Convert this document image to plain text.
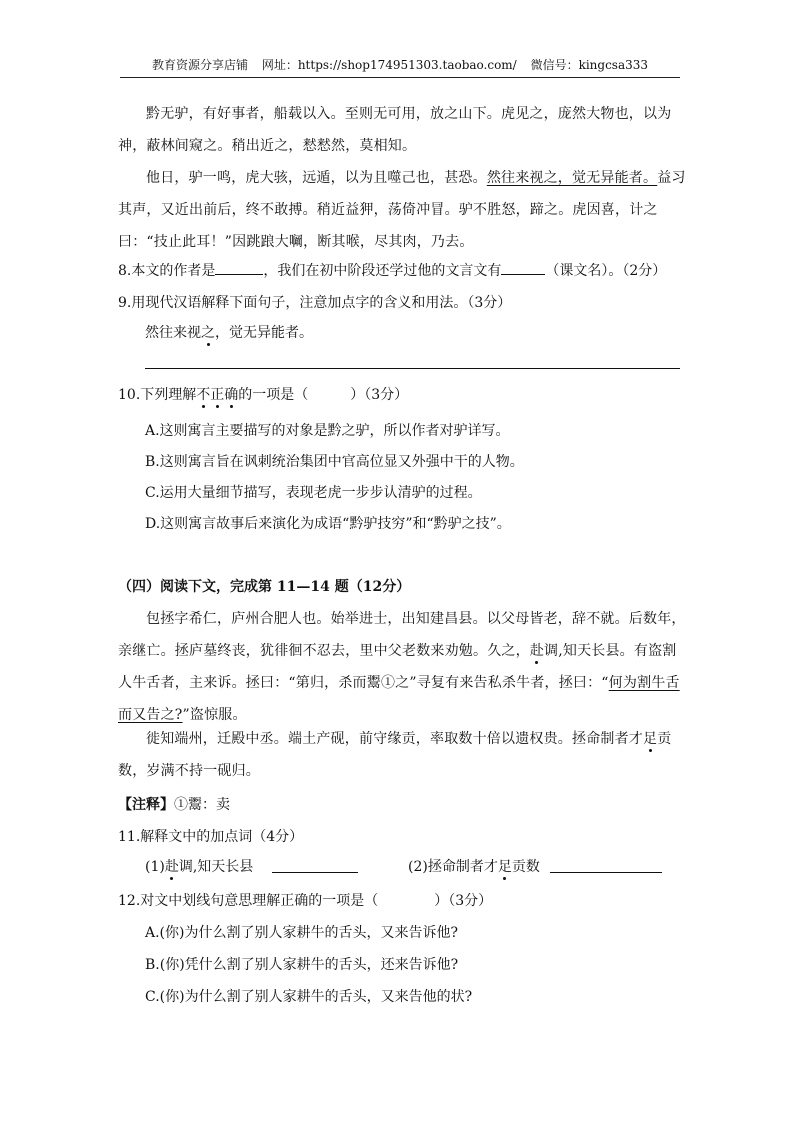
教育资源分享店铺 网址：https://shop174951303.taobao.com/ 微信号：kingcsa333
黔无驴，有好事者，船载以入。至则无可用，放之山下。虎见之，庞然大物也，以为神，蔽林间窥之。稍出近之，慭慭然，莫相知。
他日，驴一鸣，虎大骇，远遁，以为且噬己也，甚恐。然往来视之，觉无异能者。益习其声，又近出前后，终不敢搏。稍近益狎，荡倚冲冒。驴不胜怒，蹄之。虎因喜，计之曰：“技止此耳！”因跳踉大㘎，断其喉，尽其肉，乃去。
8.本文的作者是	，我们在初中阶段还学过他的文言文有	（课文名）。（2分）
9.用现代汉语解释下面句子，注意加点字的含义和用法。（3分）
然往来视之，觉无异能者。
10.下列理解不正确的一项是（　　　）（3分）
A.这则寓言主要描写的对象是黔之驴，所以作者对驴详写。
B.这则寓言旨在讽刺统治集团中官高位显又外强中干的人物。
C.运用大量细节描写，表现老虎一步步认清驴的过程。
D.这则寓言故事后来演化为成语“黔驴技穷”和“黔驴之技”。
（四）阅读下文，完成第 11—14 题（12分）
包拯字希仁，庐州合肥人也。始举进士，出知建昌县。以父母皆老，辞不就。后数年，亲继亡。拯庐墓终丧，犹徘徊不忍去，里中父老数来劝勉。久之，赴调,知天长县。有盗割人牛舌者，主来诉。拯曰：“第归，杀而鬻①之”寻复有来告私杀牛者，拯曰：“何为割牛舌而又告之?”盗惊服。
徙知端州，迁殿中丞。端土产砚，前守缘贡，率取数十倍以遗权贵。拯命制者才足贡数，岁满不持一砚归。
【注释】①鬻：卖
11.解释文中的加点词（4分）
(1)赴调,知天长县	(2)拯命制者才足贡数
12.对文中划线句意思理解正确的一项是（　　　　）（3分）
A.(你)为什么割了别人家耕牛的舌头，又来告诉他?
B.(你)凭什么割了别人家耕牛的舌头，还来告诉他?
C.(你)为什么割了别人家耕牛的舌头，又来告他的状?
